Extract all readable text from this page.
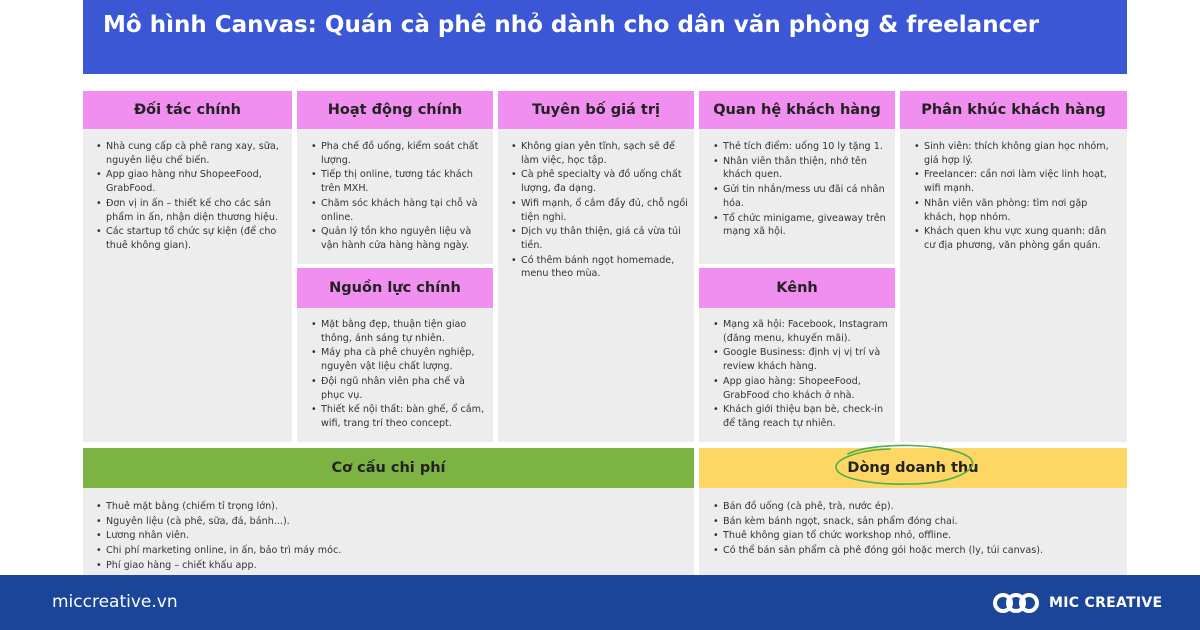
Mô hình Canvas: Quán cà phê nhỏ dành cho dân văn phòng & freelancer
Đối tác chính
• Nhà cung cấp cà phê rang xay, sữa, nguyên liệu chế biến.
• App giao hàng như ShopeeFood, GrabFood.
• Đơn vị in ấn – thiết kế cho các sản phẩm in ấn, nhận diện thương hiệu.
• Các startup tổ chức sự kiện (để cho thuê không gian).
Hoạt động chính
• Pha chế đồ uống, kiểm soát chất lượng.
• Tiếp thị online, tương tác khách trên MXH.
• Chăm sóc khách hàng tại chỗ và online.
• Quản lý tồn kho nguyên liệu và vận hành cửa hàng hàng ngày.
Nguồn lực chính
• Mặt bằng đẹp, thuận tiện giao thông, ánh sáng tự nhiên.
• Máy pha cà phê chuyên nghiệp, nguyên vật liệu chất lượng.
• Đội ngũ nhân viên pha chế và phục vụ.
• Thiết kế nội thất: bàn ghế, ổ cắm, wifi, trang trí theo concept.
Tuyên bố giá trị
• Không gian yên tĩnh, sạch sẽ để làm việc, học tập.
• Cà phê specialty và đồ uống chất lượng, đa dạng.
• Wifi mạnh, ổ cắm đầy đủ, chỗ ngồi tiện nghi.
• Dịch vụ thân thiện, giá cả vừa túi tiền.
• Có thêm bánh ngọt homemade, menu theo mùa.
Quan hệ khách hàng
• Thẻ tích điểm: uống 10 ly tặng 1.
• Nhân viên thân thiện, nhớ tên khách quen.
• Gửi tin nhắn/mess ưu đãi cá nhân hóa.
• Tổ chức minigame, giveaway trên mạng xã hội.
Kênh
• Mạng xã hội: Facebook, Instagram (đăng menu, khuyến mãi).
• Google Business: định vị vị trí và review khách hàng.
• App giao hàng: ShopeeFood, GrabFood cho khách ở nhà.
• Khách giới thiệu bạn bè, check-in để tăng reach tự nhiên.
Phân khúc khách hàng
• Sinh viên: thích không gian học nhóm, giá hợp lý.
• Freelancer: cần nơi làm việc linh hoạt, wifi mạnh.
• Nhân viên văn phòng: tìm nơi gặp khách, họp nhóm.
• Khách quen khu vực xung quanh: dân cư địa phương, văn phòng gần quán.
Cơ cấu chi phí
• Thuê mặt bằng (chiếm tỉ trọng lớn).
• Nguyên liệu (cà phê, sữa, đá, bánh...).
• Lương nhân viên.
• Chi phí marketing online, in ấn, bảo trì máy móc.
• Phí giao hàng – chiết khấu app.
Dòng doanh thu
• Bán đồ uống (cà phê, trà, nước ép).
• Bán kèm bánh ngọt, snack, sản phẩm đóng chai.
• Thuê không gian tổ chức workshop nhỏ, offline.
• Có thể bán sản phẩm cà phê đóng gói hoặc merch (ly, túi canvas).
miccreative.vn	MIC CREATIVE
